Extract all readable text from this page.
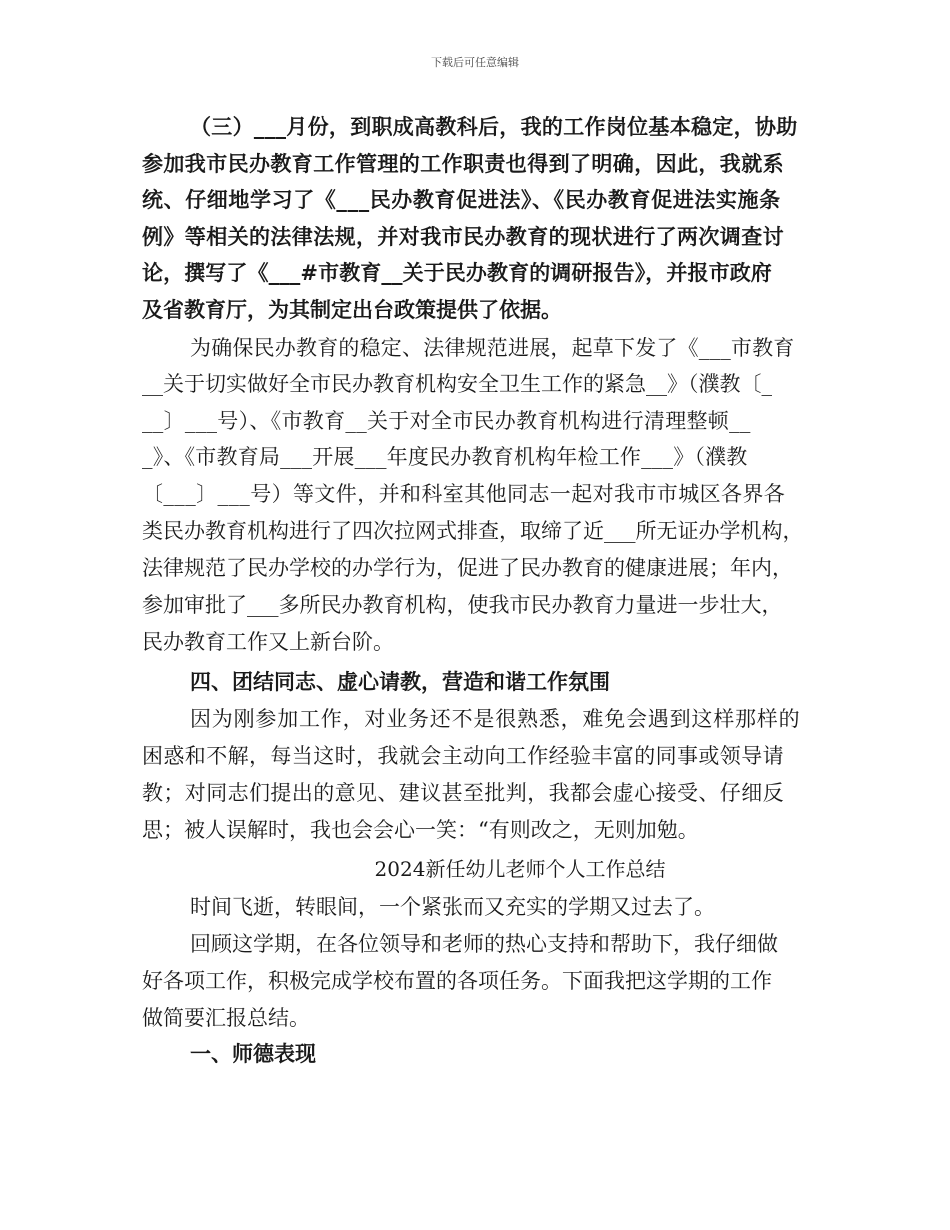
下载后可任意编辑
（三）___月份，到职成高教科后，我的工作岗位基本稳定，协助
参加我市民办教育工作管理的工作职责也得到了明确，因此，我就系
统、仔细地学习了《___民办教育促进法》、《民办教育促进法实施条
例》等相关的法律法规，并对我市民办教育的现状进行了两次调查讨
论，撰写了《___#市教育__关于民办教育的调研报告》，并报市政府
及省教育厅，为其制定出台政策提供了依据。
为确保民办教育的稳定、法律规范进展，起草下发了《___市教育
__关于切实做好全市民办教育机构安全卫生工作的紧急__》（濮教〔_
__〕___号）、《市教育__关于对全市民办教育机构进行清理整顿__
_》、《市教育局___开展___年度民办教育机构年检工作___》（濮教
〔___〕___号）等文件，并和科室其他同志一起对我市市城区各界各
类民办教育机构进行了四次拉网式排查，取缔了近___所无证办学机构，
法律规范了民办学校的办学行为，促进了民办教育的健康进展；年内，
参加审批了___多所民办教育机构，使我市民办教育力量进一步壮大，
民办教育工作又上新台阶。
四、团结同志、虚心请教，营造和谐工作氛围
因为刚参加工作，对业务还不是很熟悉，难免会遇到这样那样的
困惑和不解，每当这时，我就会主动向工作经验丰富的同事或领导请
教；对同志们提出的意见、建议甚至批判，我都会虚心接受、仔细反
思；被人误解时，我也会会心一笑：“有则改之，无则加勉。
2024新任幼儿老师个人工作总结
时间飞逝，转眼间，一个紧张而又充实的学期又过去了。
回顾这学期，在各位领导和老师的热心支持和帮助下，我仔细做
好各项工作，积极完成学校布置的各项任务。下面我把这学期的工作
做简要汇报总结。
一、师德表现
